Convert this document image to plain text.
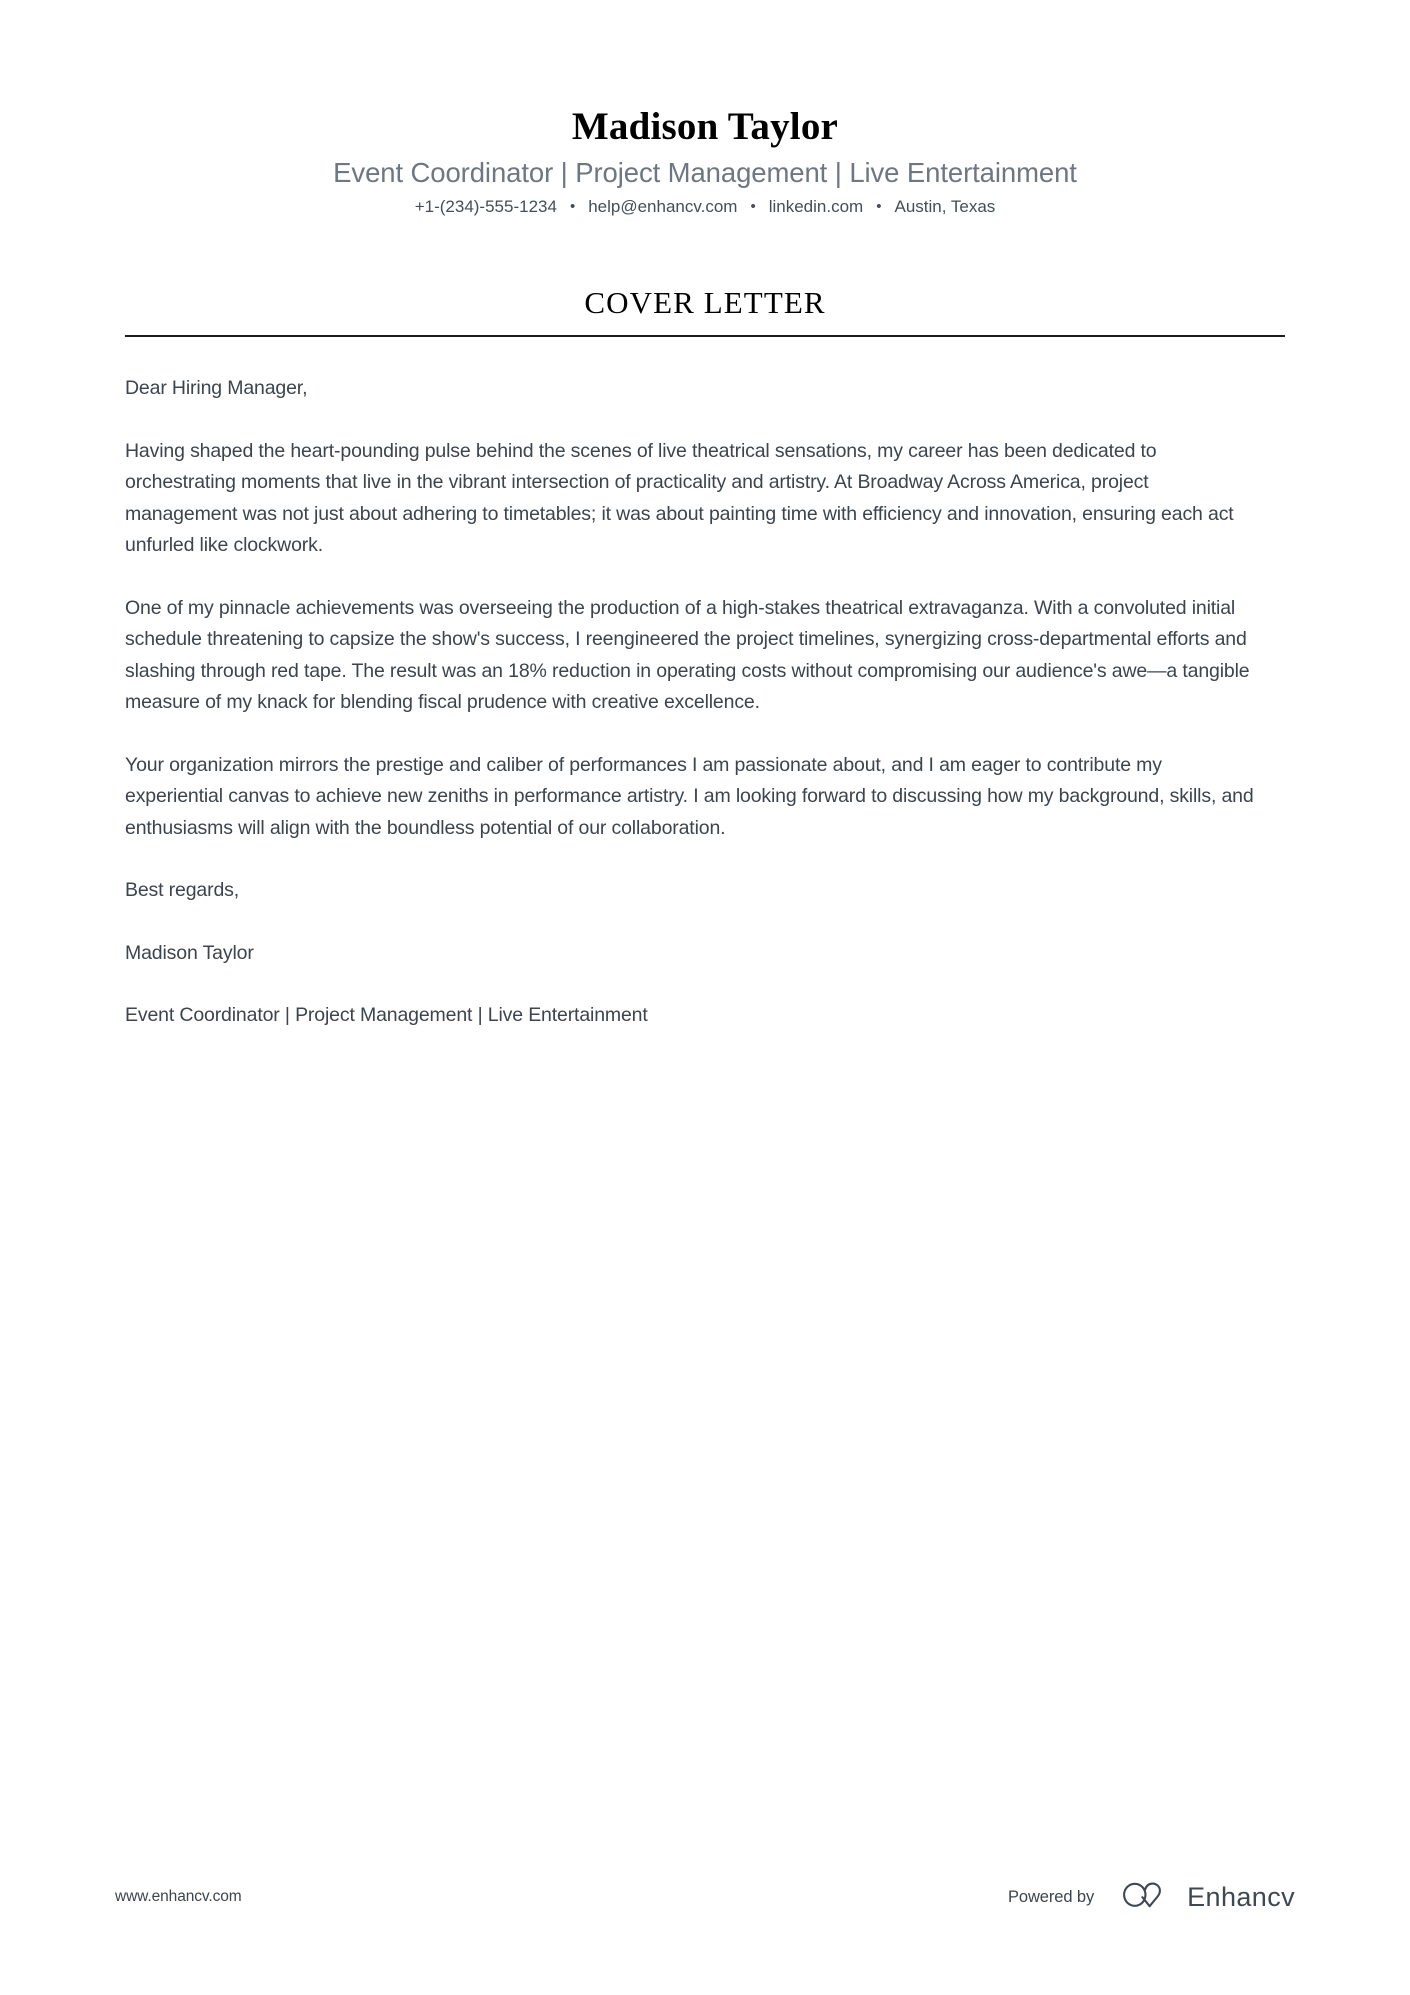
Madison Taylor
Event Coordinator | Project Management | Live Entertainment
+1-(234)-555-1234 • help@enhancv.com • linkedin.com • Austin, Texas
COVER LETTER

Dear Hiring Manager,

Having shaped the heart-pounding pulse behind the scenes of live theatrical sensations, my career has been dedicated to orchestrating moments that live in the vibrant intersection of practicality and artistry. At Broadway Across America, project management was not just about adhering to timetables; it was about painting time with efficiency and innovation, ensuring each act unfurled like clockwork.

One of my pinnacle achievements was overseeing the production of a high-stakes theatrical extravaganza. With a convoluted initial schedule threatening to capsize the show's success, I reengineered the project timelines, synergizing cross-departmental efforts and slashing through red tape. The result was an 18% reduction in operating costs without compromising our audience's awe—a tangible measure of my knack for blending fiscal prudence with creative excellence.

Your organization mirrors the prestige and caliber of performances I am passionate about, and I am eager to contribute my experiential canvas to achieve new zeniths in performance artistry. I am looking forward to discussing how my background, skills, and enthusiasms will align with the boundless potential of our collaboration.

Best regards,

Madison Taylor

Event Coordinator | Project Management | Live Entertainment

www.enhancv.com	Powered by	Enhancv
